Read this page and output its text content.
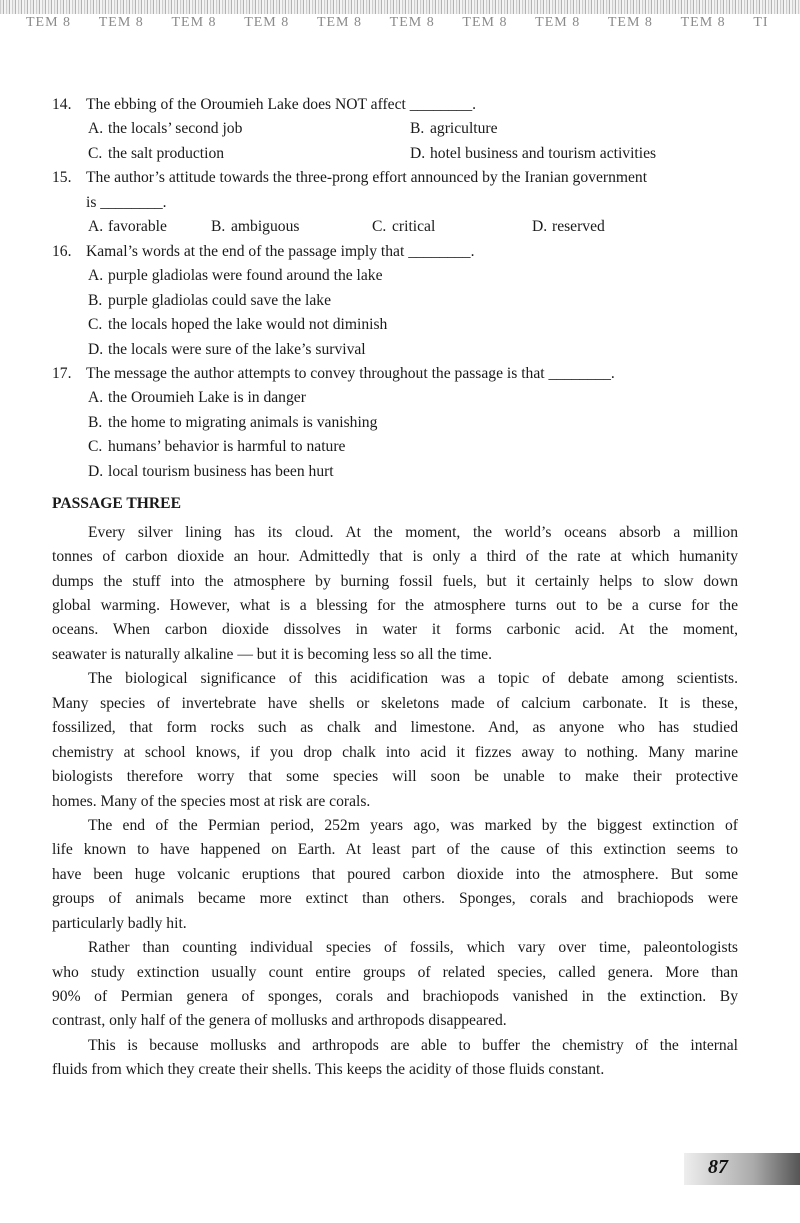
TEM 8	TEM 8	TEM 8	TEM 8	TEM 8	TEM 8	TEM 8	TEM 8	TEM 8	TEM 8	TI
14. The ebbing of the Oroumieh Lake does NOT affect ________.
A. the locals’ second job	B. agriculture
C. the salt production	D. hotel business and tourism activities
15. The author’s attitude towards the three-prong effort announced by the Iranian government
is ________.
A. favorable	B. ambiguous	C. critical	D. reserved
16. Kamal’s words at the end of the passage imply that ________.
A. purple gladiolas were found around the lake
B. purple gladiolas could save the lake
C. the locals hoped the lake would not diminish
D. the locals were sure of the lake’s survival
17. The message the author attempts to convey throughout the passage is that ________.
A. the Oroumieh Lake is in danger
B. the home to migrating animals is vanishing
C. humans’ behavior is harmful to nature
D. local tourism business has been hurt
PASSAGE THREE
Every silver lining has its cloud. At the moment, the world’s oceans absorb a million
tonnes of carbon dioxide an hour. Admittedly that is only a third of the rate at which humanity
dumps the stuff into the atmosphere by burning fossil fuels, but it certainly helps to slow down
global warming. However, what is a blessing for the atmosphere turns out to be a curse for the
oceans. When carbon dioxide dissolves in water it forms carbonic acid. At the moment,
seawater is naturally alkaline — but it is becoming less so all the time.
The biological significance of this acidification was a topic of debate among scientists.
Many species of invertebrate have shells or skeletons made of calcium carbonate. It is these,
fossilized, that form rocks such as chalk and limestone. And, as anyone who has studied
chemistry at school knows, if you drop chalk into acid it fizzes away to nothing. Many marine
biologists therefore worry that some species will soon be unable to make their protective
homes. Many of the species most at risk are corals.
The end of the Permian period, 252m years ago, was marked by the biggest extinction of
life known to have happened on Earth. At least part of the cause of this extinction seems to
have been huge volcanic eruptions that poured carbon dioxide into the atmosphere. But some
groups of animals became more extinct than others. Sponges, corals and brachiopods were
particularly badly hit.
Rather than counting individual species of fossils, which vary over time, paleontologists
who study extinction usually count entire groups of related species, called genera. More than
90% of Permian genera of sponges, corals and brachiopods vanished in the extinction. By
contrast, only half of the genera of mollusks and arthropods disappeared.
This is because mollusks and arthropods are able to buffer the chemistry of the internal
fluids from which they create their shells. This keeps the acidity of those fluids constant.
87
